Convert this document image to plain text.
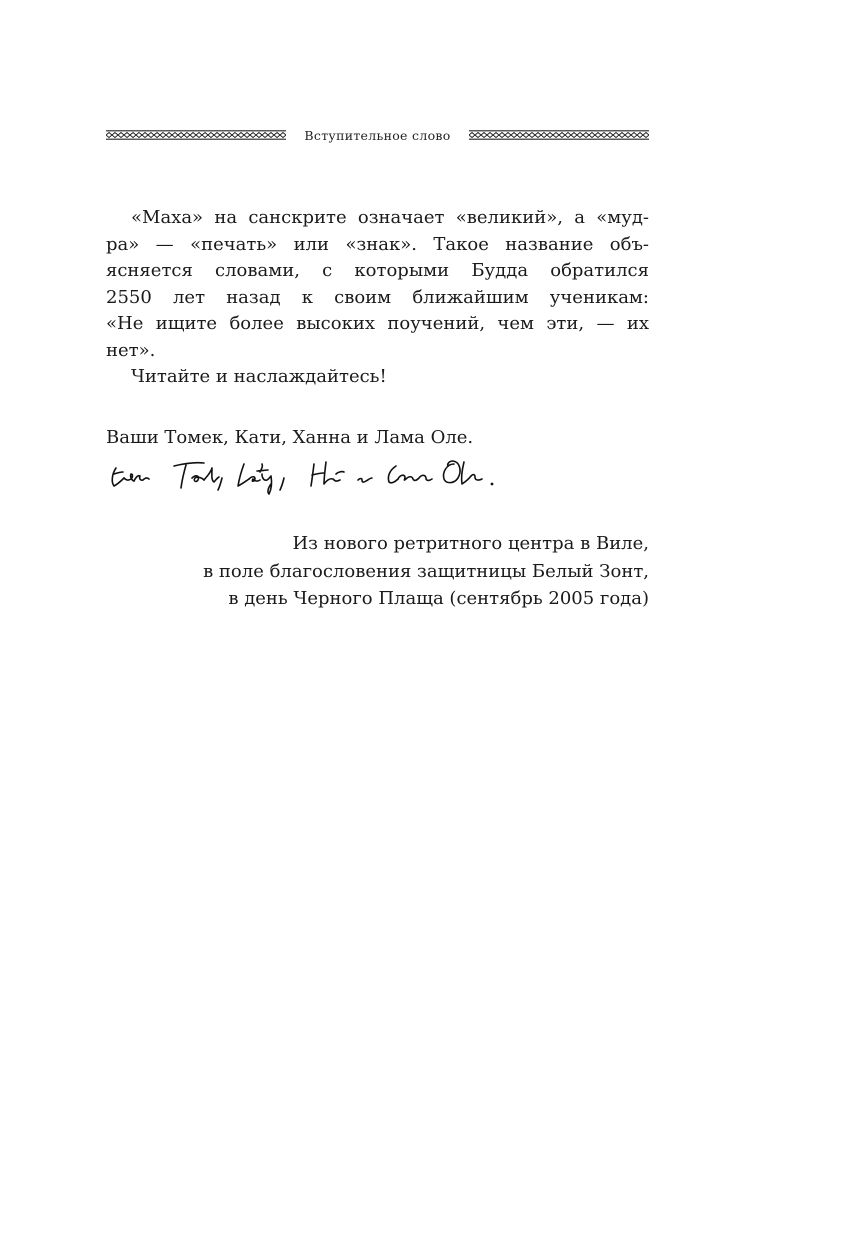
Вступительное слово

«Маха» на санскрите означает «великий», а «муд-
ра» — «печать» или «знак». Такое название объ-
ясняется словами, с которыми Будда обратился
2550 лет назад к своим ближайшим ученикам:
«Не ищите более высоких поучений, чем эти, — их
нет».

Читайте и наслаждайтесь!

Ваши Томек, Кати, Ханна и Лама Оле.
Из нового ретритного центра в Виле,
в поле благословения защитницы Белый Зонт,
в день Черного Плаща (сентябрь 2005 года)
